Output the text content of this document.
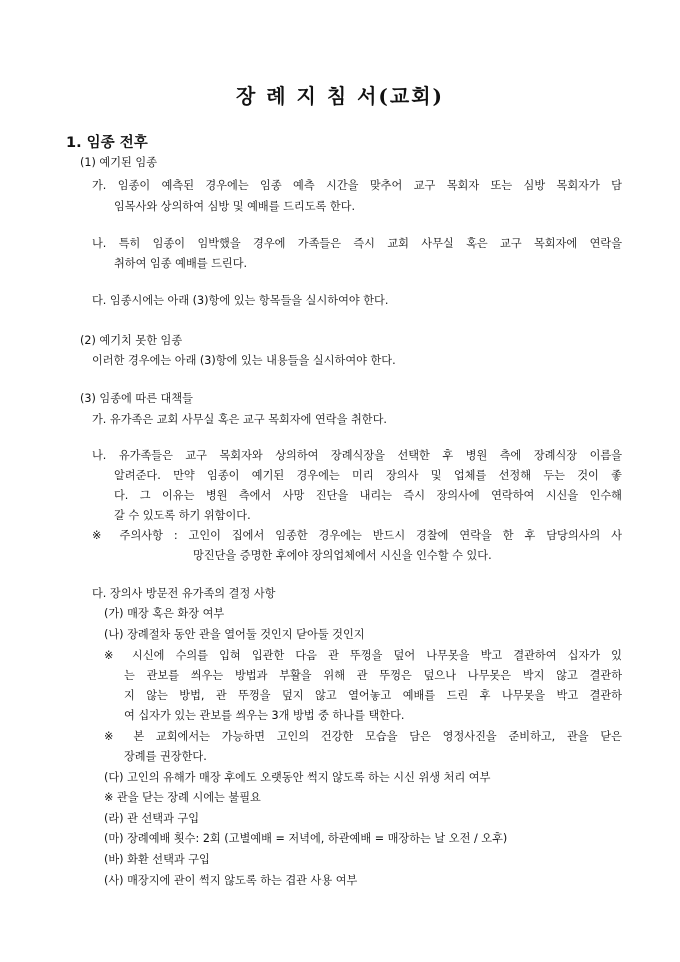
장 례 지 침 서(교회)
1. 임종 전후
(1) 예기된 임종
가. 임종이 예측된 경우에는 임종 예측 시간을 맞추어 교구 목회자 또는 심방 목회자가 담
임목사와 상의하여 심방 및 예배를 드리도록 한다.
나. 특히 임종이 임박했을 경우에 가족들은 즉시 교회 사무실 혹은 교구 목회자에 연락을
취하여 임종 예배를 드린다.
다. 임종시에는 아래 (3)항에 있는 항목들을 실시하여야 한다.
(2) 예기치 못한 임종
이러한 경우에는 아래 (3)항에 있는 내용들을 실시하여야 한다.
(3) 임종에 따른 대책들
가. 유가족은 교회 사무실 혹은 교구 목회자에 연락을 취한다.
나. 유가족들은 교구 목회자와 상의하여 장례식장을 선택한 후 병원 측에 장례식장 이름을
알려준다. 만약 임종이 예기된 경우에는 미리 장의사 및 업체를 선정해 두는 것이 좋
다. 그 이유는 병원 측에서 사망 진단을 내리는 즉시 장의사에 연락하여 시신을 인수해
갈 수 있도록 하기 위함이다.
※ 주의사항 : 고인이 집에서 임종한 경우에는 반드시 경찰에 연락을 한 후 담당의사의 사
망진단을 증명한 후에야 장의업체에서 시신을 인수할 수 있다.
다. 장의사 방문전 유가족의 결정 사항
(가) 매장 혹은 화장 여부
(나) 장례절차 동안 관을 열어둘 것인지 닫아둘 것인지
※ 시신에 수의를 입혀 입관한 다음 관 뚜껑을 덮어 나무못을 박고 결관하여 십자가 있
는 관보를 씌우는 방법과 부활을 위해 관 뚜껑은 덮으나 나무못은 박지 않고 결관하
지 않는 방법, 관 뚜껑을 덮지 않고 열어놓고 예배를 드린 후 나무못을 박고 결관하
여 십자가 있는 관보를 씌우는 3개 방법 중 하나를 택한다.
※ 본 교회에서는 가능하면 고인의 건강한 모습을 담은 영정사진을 준비하고, 관을 닫은
장례를 권장한다.
(다) 고인의 유해가 매장 후에도 오랫동안 썩지 않도록 하는 시신 위생 처리 여부
※ 관을 닫는 장례 시에는 불필요
(라) 관 선택과 구입
(마) 장례예배 횟수: 2회 (고별예배 = 저녁에, 하관예배 = 매장하는 날 오전 / 오후)
(바) 화환 선택과 구입
(사) 매장지에 관이 썩지 않도록 하는 겹관 사용 여부
